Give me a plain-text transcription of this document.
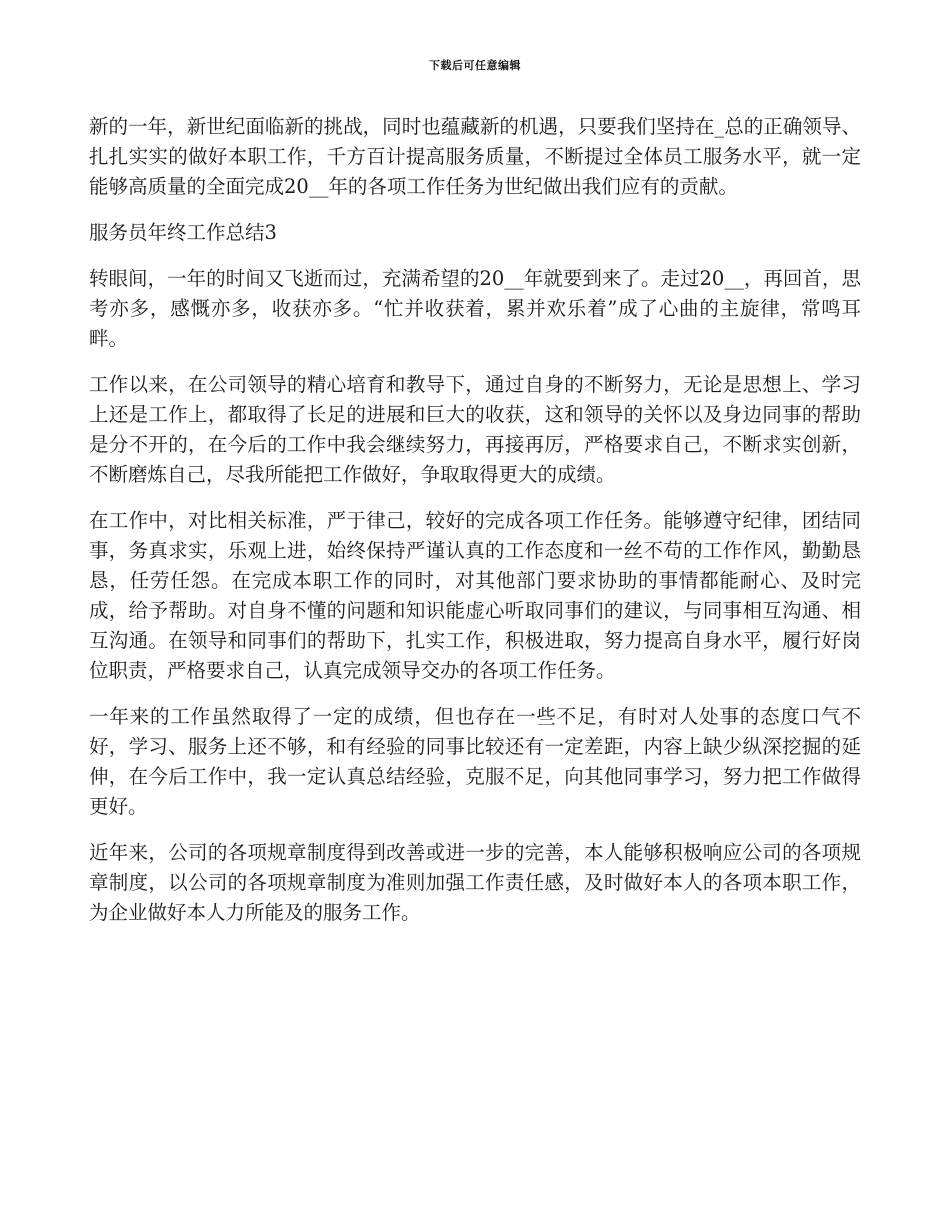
下载后可任意编辑

新的一年，新世纪面临新的挑战，同时也蕴藏新的机遇，只要我们坚持在_总的正确领导、扎扎实实的做好本职工作，千方百计提高服务质量，不断提过全体员工服务水平，就一定能够高质量的全面完成20__年的各项工作任务为世纪做出我们应有的贡献。

服务员年终工作总结3

转眼间，一年的时间又飞逝而过，充满希望的20__年就要到来了。走过20__，再回首，思考亦多，感慨亦多，收获亦多。“忙并收获着，累并欢乐着”成了心曲的主旋律，常鸣耳畔。

工作以来，在公司领导的精心培育和教导下，通过自身的不断努力，无论是思想上、学习上还是工作上，都取得了长足的进展和巨大的收获，这和领导的关怀以及身边同事的帮助是分不开的，在今后的工作中我会继续努力，再接再厉，严格要求自己，不断求实创新，不断磨炼自己，尽我所能把工作做好，争取取得更大的成绩。

在工作中，对比相关标准，严于律己，较好的完成各项工作任务。能够遵守纪律，团结同事，务真求实，乐观上进，始终保持严谨认真的工作态度和一丝不苟的工作作风，勤勤恳恳，任劳任怨。在完成本职工作的同时，对其他部门要求协助的事情都能耐心、及时完成，给予帮助。对自身不懂的问题和知识能虚心听取同事们的建议，与同事相互沟通、相互沟通。在领导和同事们的帮助下，扎实工作，积极进取，努力提高自身水平，履行好岗位职责，严格要求自己，认真完成领导交办的各项工作任务。

一年来的工作虽然取得了一定的成绩，但也存在一些不足，有时对人处事的态度口气不好，学习、服务上还不够，和有经验的同事比较还有一定差距，内容上缺少纵深挖掘的延伸，在今后工作中，我一定认真总结经验，克服不足，向其他同事学习，努力把工作做得更好。

近年来，公司的各项规章制度得到改善或进一步的完善，本人能够积极响应公司的各项规章制度，以公司的各项规章制度为准则加强工作责任感，及时做好本人的各项本职工作，为企业做好本人力所能及的服务工作。
